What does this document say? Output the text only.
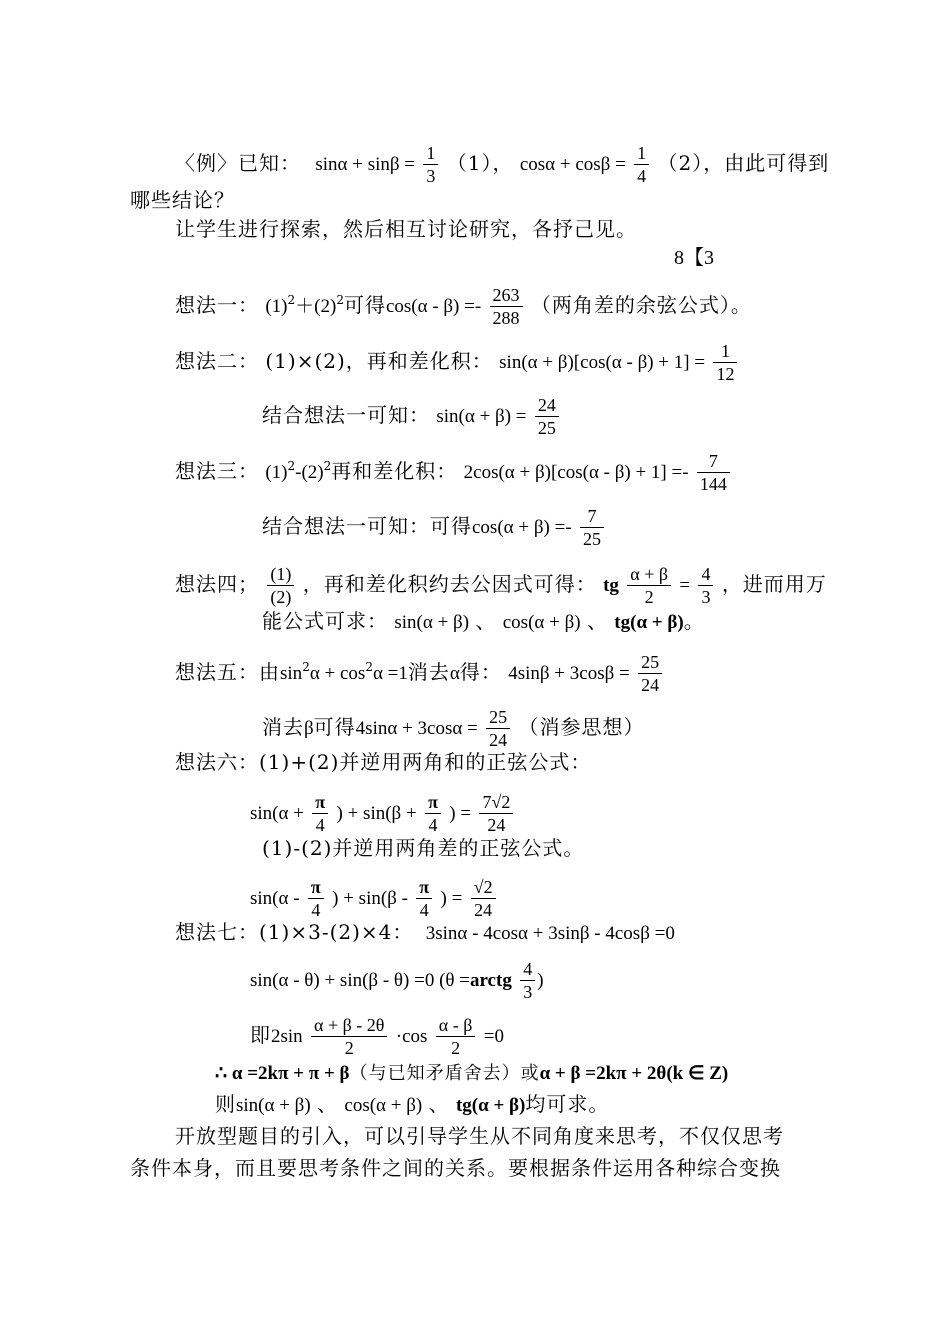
〈例〉已知： $\sin\alpha + \sin\beta = \frac{1}{3} (1)$， $\cos\alpha + \cos\beta = \frac{1}{4} (2)$，由此可得到
哪些结论？
让学生进行探索，然后相互讨论研究，各抒己见。
8【3
想法一： $(1)^2+(2)^2$可得$\cos(\alpha - \beta) =- \frac{263}{288}$ （两角差的余弦公式）。
想法二： (1)×(2)，再和差化积： $\sin(\alpha + \beta)[\cos(\alpha - \beta) + 1] = \frac{1}{12}$
结合想法一可知： $\sin(\alpha + \beta) = \frac{24}{25}$
想法三： $(1)^2-(2)^2$再和差化积： $2\cos(\alpha + \beta)[\cos(\alpha - \beta) + 1] =- \frac{7}{144}$
结合想法一可知：可得$\cos(\alpha + \beta) =- \frac{7}{25}$
想法四； $\frac{(1)}{(2)}$ ，再和差化积约去公因式可得： tg $\frac{\alpha + \beta}{2} = \frac{4}{3}$ ，进而用万
能公式可求： sin(α + β) 、 cos(α + β) 、 tg(α + β)。
想法五：由$\sin^2\alpha + \cos^2\alpha =1$消去α得： $4\sin\beta + 3\cos\beta = \frac{25}{24}$
消去β可得$4\sin\alpha + 3\cos\alpha = \frac{25}{24}$ （消参思想）
想法六：(1)+(2)并逆用两角和的正弦公式：
$\sin(\alpha + \frac{\pi}{4}$ ) + $\sin(\beta + \frac{\pi}{4}$ ) = $\frac{7√2}{24}$
(1)-(2)并逆用两角差的正弦公式。
$\sin(\alpha - \frac{\pi}{4}$ ) + $\sin(\beta - \frac{\pi}{4}$ ) = $\frac{√2}{24}$
想法七：(1)×3-(2)×4： 3sinα - 4cosα + 3sinβ - 4cosβ =0
sin(α - θ) + sin(β - θ) =0 (θ =arctg $\frac{4}{3}$ )
即$2\sin \frac{\alpha + \beta - 2\theta}{2} \cdot\cos \frac{\alpha - \beta}{2} =0$
∴ α =2kπ + π + β（与已知矛盾舍去）或α + β =2kπ + 2θ(k ∈ Z)
则sin(α + β) 、 cos(α + β) 、 tg(α + β)均可求。
开放型题目的引入，可以引导学生从不同角度来思考，不仅仅思考
条件本身，而且要思考条件之间的关系。要根据条件运用各种综合变换
